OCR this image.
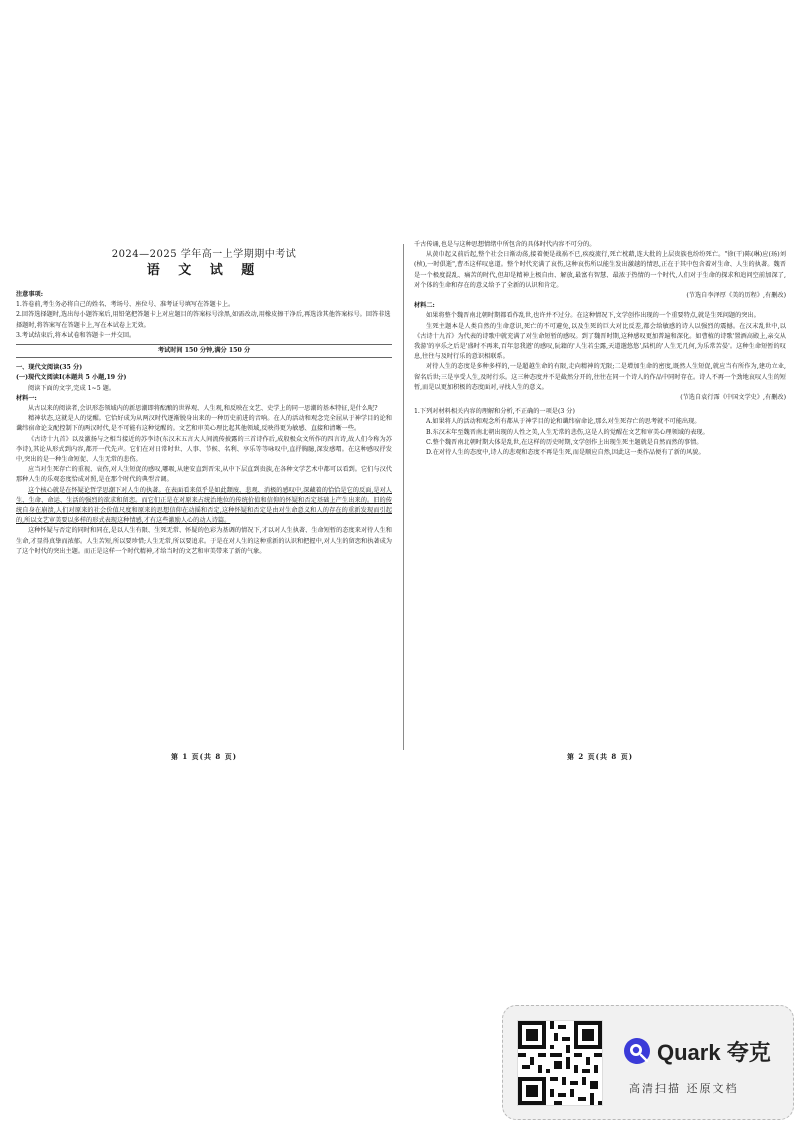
2024—2025 学年高一上学期期中考试
语 文 试 题
注意事项:
1.答卷前,考生务必将自己的姓名、考场号、座位号、准考证号填写在答题卡上。
2.回答选择题时,选出每小题答案后,用铅笔把答题卡上对应题目的答案标号涂黑,如需改动,用橡皮擦干净后,再选涂其他答案标号。回答非选择题时,将答案写在答题卡上,写在本试卷上无效。
3.考试结束后,将本试卷和答题卡一并交回。
考试时间 150 分钟,满分 150 分
一、现代文阅读(35 分)
(一)现代文阅读Ⅰ(本题共 5 小题,19 分)

阅读下面的文字,完成 1~5 题。

材料一:

从古以来的阅读者,会识形态领域内的新思潮即将酝酿的世界观、人生观,和反映在文艺、史学上的同一思潮的基本特征,是什么呢?

精神状态,这就是人的觉醒。它恰好成为从两汉时代逐渐脱身出来的一种历史前进的音响。在人的活动和观念完全屈从于神学目的论和谶纬宿命论支配控制下的两汉时代,是不可能有这种觉醒的。文艺和审美心理比起其他领域,反映得更为敏感、直接和清晰一些。

《古诗十九首》以及激扬与之相当接近的苏李诗(东汉末五言大人间流传披露的三首诗作后,成殷极众文所作的四言诗,故人们今称为苏李诗),其论从形式到内容,都开一代先声。它们在对日常时世、人事、节候、名利、享乐等等咏叹中,直抒胸臆,深发感喟。在这种感叹抒发中,突出的是一种生命短促、人生无常的悲伤。

应当对生死存亡的重视、哀伤,对人生短促的感叹,哪吸,从建安直到晋宋,从中下层直到贵族,在各种文学艺术中都可以看到。它们与汉代那种人生的乐观态度恰成对照,是在那个时代的典型音调。

这个核心就是在怀疑论哲学思潮下对人生的执著。在表面看来似乎是如此颓废、悲观、消极的感叹中,深藏着的恰恰是它的反面,是对人生、生命、命运、生活的强烈的欲求和留恋。而它们正是在对原来占统治地位的传统价值和信仰的怀疑和否定基础上产生出来的。旧的传统自身在崩溃,人们对原来的社会价值尺度和原来的思想信仰在动摇和否定,这种怀疑和否定是由对生命意义和人的存在的重新发现而引起的,所以文艺审美要以多样的形式表现这种情感,才有这些激励人心的动人诗篇。

这种怀疑与否定的同时和同在,是以人生有限、生死无常、怀疑的色彩为基调的情况下,才以对人生执著、生命短暂的态度来对待人生和生命,才显得真挚而浓郁。人生苦短,所以要珍惜;人生无常,所以要追求。于是在对人生的这种重新的认识和把握中,对人生的留恋和执著成为了这个时代的突出主题。而正是这样一个时代精神,才给当时的文艺和审美带来了新的气象。

第 1 页(共 8 页)

千古传诵,也是与这种思想情绪中所包含的具体时代内容不可分的。

从黄巾起义前后起,整个社会日渐动荡,接着便是战祸不已,疾疫流行,死亡枕藉,连大批的上层贵族也纷纷死亡。"徐(干)陈(琳)应(玚)刘(桢),一时俱逝",曹丕这样叹息道。整个时代充满了哀伤,这种哀伤所以能生发出激越的情思,正在于其中包含着对生命、人生的执著。魏晋是一个极度混乱、痛苦的时代,但却是精神上极自由、解放,最富有智慧、最浓于热情的一个时代,人们对于生命的探求和追问空前加深了,对个体的生命和存在的意义给予了全新的认识和肯定。

(节选自李泽厚《美的历程》,有删改)

材料二:

如果将整个魏晋南北朝时期都看作乱世,也许并不过分。在这种情况下,文学创作出现的一个重要特点,就是生死问题的突出。

生死主题本是人类自然的生命意识,死亡的不可避免,以及生死的巨大对比反差,都会给敏感的诗人以强烈的震撼。在汉末乱世中,以《古诗十九首》为代表的诗歌中就充满了对生命短暂的感叹。到了魏晋时期,这种感叹更加普遍和深化。如曹植的诗歌'置酒高殿上,亲交从我游'的享乐之后是'盛时不再来,百年忽我遒'的感叹,阮籍的'人生若尘露,天道邈悠悠',陆机的'人生无几何,为乐常苦晏'。这种生命短暂的叹息,往往与及时行乐的意识相联系。

对待人生的态度是多种多样的,一是超越生命的有限,走向精神的无限;二是增加生命的密度,既然人生短促,就应当有所作为,建功立业,留名后世;三是享受人生,及时行乐。这三种态度并不是截然分开的,往往在同一个诗人的作品中同时存在。诗人不再一个劲地哀叹人生的短暂,而是以更加积极的态度面对,寻找人生的意义。

(节选自袁行霈《中国文学史》,有删改)

1.下列对材料相关内容的理解和分析,不正确的一项是(3 分)

A.如果将人的活动和观念所有都从于神学目的论和谶纬宿命论,那么对生死存亡的思考就不可能出现。

B.东汉末年至魏晋南北朝出现的人性之美,人生无常的悲伤,这是人的觉醒在文艺和审美心理领域的表现。

C.整个魏晋南北朝时期大体是乱世,在这样的历史时期,文学创作上出现生死主题就是自然而然的事情。

D.在对待人生的态度中,诗人的悲观和态度不再是生死,而是顺应自然,因此这一类作品便有了新的风貌。

第 2 页(共 8 页)
Quark 夸克
高清扫描 还原文档
